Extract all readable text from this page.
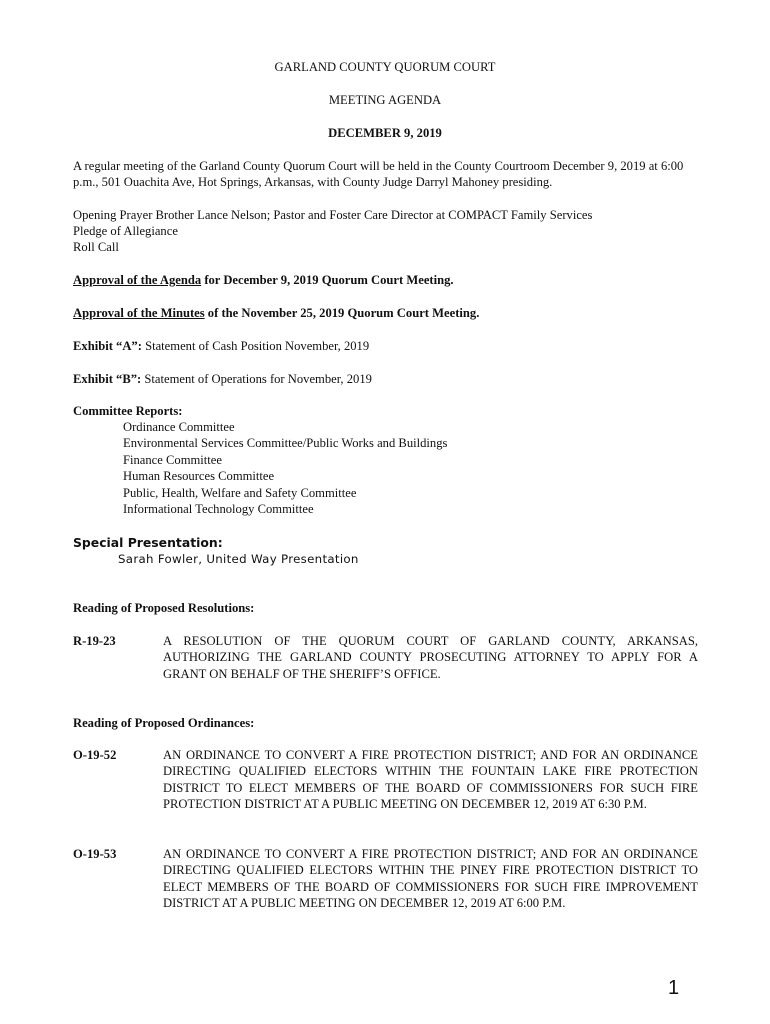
GARLAND COUNTY QUORUM COURT
MEETING AGENDA
DECEMBER 9, 2019
A regular meeting of the Garland County Quorum Court will be held in the County Courtroom December 9, 2019 at 6:00 p.m., 501 Ouachita Ave, Hot Springs, Arkansas, with County Judge Darryl Mahoney presiding.
Opening Prayer Brother Lance Nelson; Pastor and Foster Care Director at COMPACT Family Services
Pledge of Allegiance
Roll Call
Approval of the Agenda for December 9, 2019 Quorum Court Meeting.
Approval of the Minutes of the November 25, 2019 Quorum Court Meeting.
Exhibit “A”: Statement of Cash Position November, 2019
Exhibit “B”: Statement of Operations for November, 2019
Committee Reports:
Ordinance Committee
Environmental Services Committee/Public Works and Buildings
Finance Committee
Human Resources Committee
Public, Health, Welfare and Safety Committee
Informational Technology Committee
Special Presentation:
Sarah Fowler, United Way Presentation
Reading of Proposed Resolutions:
R-19-23	A RESOLUTION OF THE QUORUM COURT OF GARLAND COUNTY, ARKANSAS, AUTHORIZING THE GARLAND COUNTY PROSECUTING ATTORNEY TO APPLY FOR A GRANT ON BEHALF OF THE SHERIFF’S OFFICE.
Reading of Proposed Ordinances:
O-19-52	AN ORDINANCE TO CONVERT A FIRE PROTECTION DISTRICT; AND FOR AN ORDINANCE DIRECTING QUALIFIED ELECTORS WITHIN THE FOUNTAIN LAKE FIRE PROTECTION DISTRICT TO ELECT MEMBERS OF THE BOARD OF COMMISSIONERS FOR SUCH FIRE PROTECTION DISTRICT AT A PUBLIC MEETING ON DECEMBER 12, 2019 AT 6:30 P.M.
O-19-53	AN ORDINANCE TO CONVERT A FIRE PROTECTION DISTRICT; AND FOR AN ORDINANCE DIRECTING QUALIFIED ELECTORS WITHIN THE PINEY FIRE PROTECTION DISTRICT TO ELECT MEMBERS OF THE BOARD OF COMMISSIONERS FOR SUCH FIRE IMPROVEMENT DISTRICT AT A PUBLIC MEETING ON DECEMBER 12, 2019 AT 6:00 P.M.
1
